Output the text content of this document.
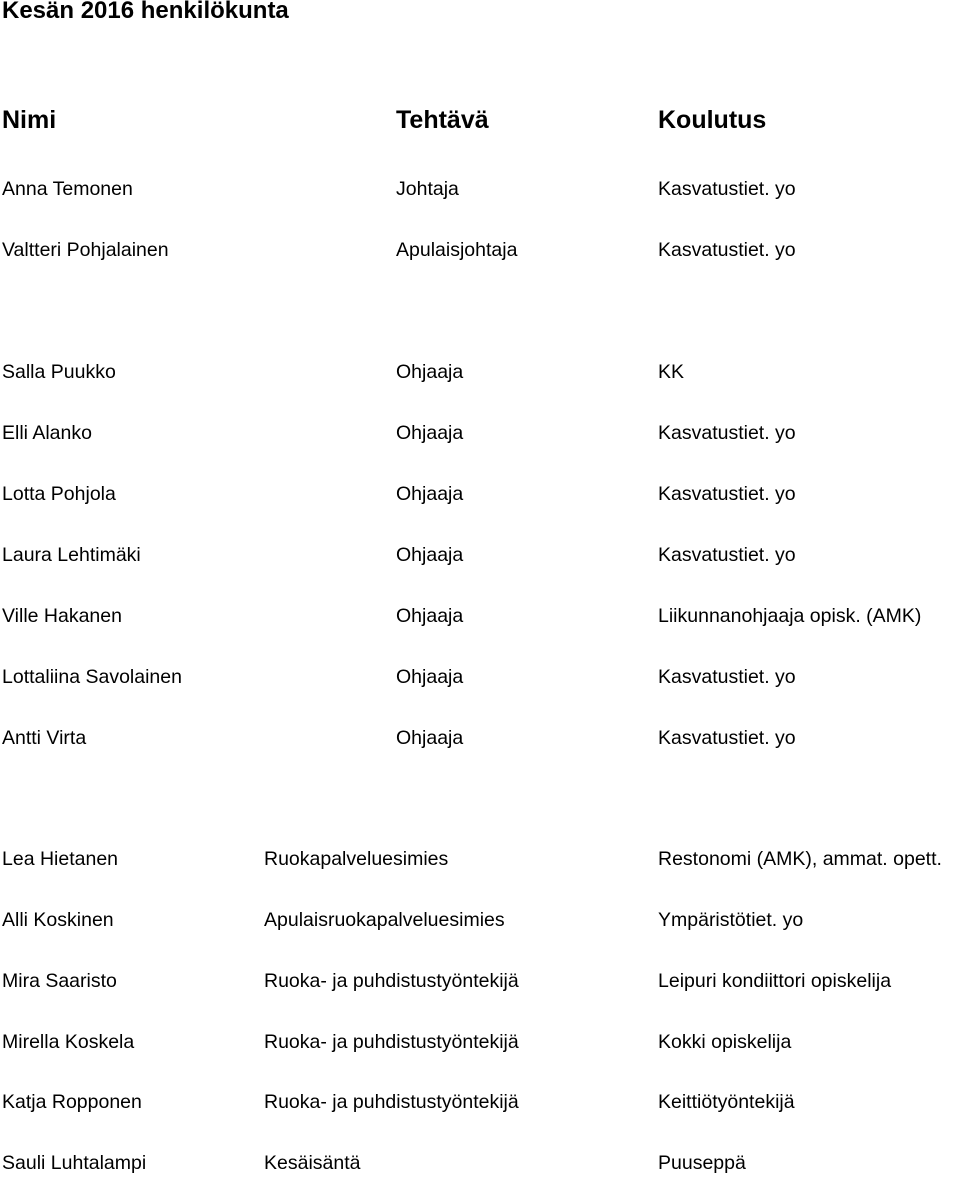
Kesän 2016 henkilökunta
Nimi	Tehtävä	Koulutus
Anna Temonen	Johtaja	Kasvatustiet. yo
Valtteri Pohjalainen	Apulaisjohtaja	Kasvatustiet. yo
Salla Puukko	Ohjaaja	KK
Elli Alanko	Ohjaaja	Kasvatustiet. yo
Lotta Pohjola	Ohjaaja	Kasvatustiet. yo
Laura Lehtimäki	Ohjaaja	Kasvatustiet. yo
Ville Hakanen	Ohjaaja	Liikunnanohjaaja opisk. (AMK)
Lottaliina Savolainen	Ohjaaja	Kasvatustiet. yo
Antti Virta	Ohjaaja	Kasvatustiet. yo
Lea Hietanen	Ruokapalveluesimies	Restonomi (AMK), ammat. opett.
Alli Koskinen	Apulaisruokapalveluesimies	Ympäristötiet. yo
Mira Saaristo	Ruoka- ja puhdistustyöntekijä	Leipuri kondiittori opiskelija
Mirella Koskela	Ruoka- ja puhdistustyöntekijä	Kokki opiskelija
Katja Ropponen	Ruoka- ja puhdistustyöntekijä	Keittiötyöntekijä
Sauli Luhtalampi	Kesäisäntä	Puuseppä
